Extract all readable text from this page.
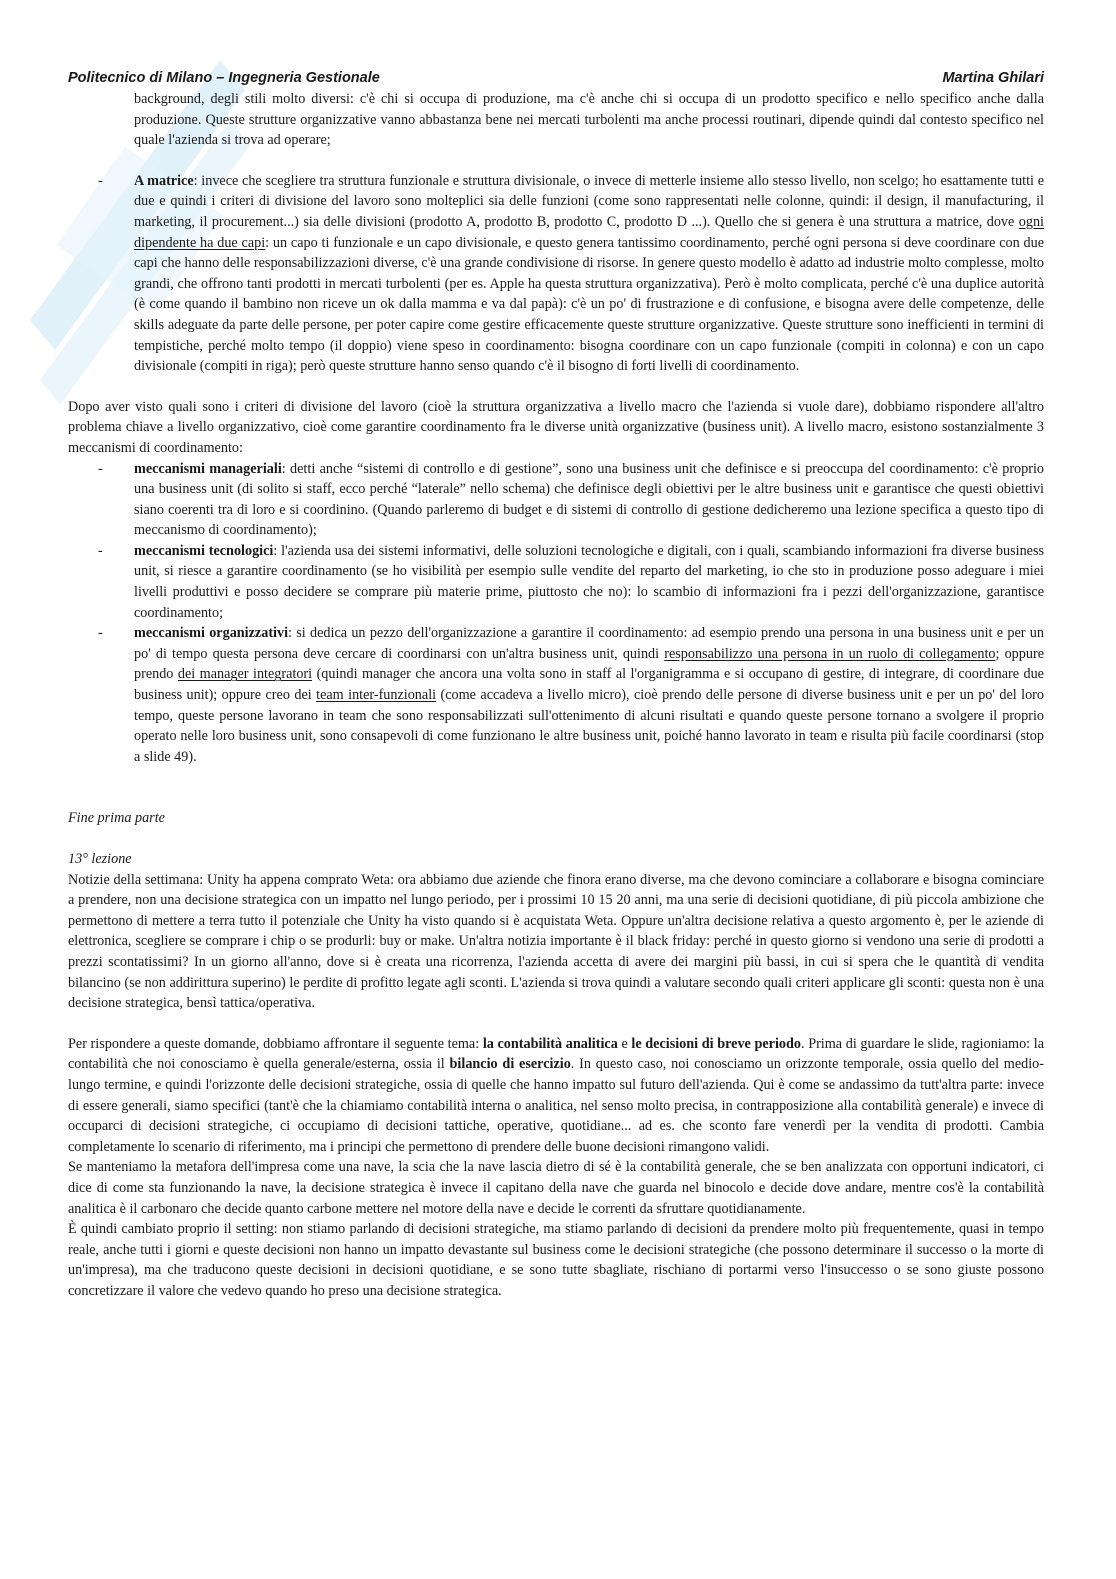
Politecnico di Milano – Ingegneria Gestionale	Martina Ghilari

background, degli stili molto diversi: c'è chi si occupa di produzione, ma c'è anche chi si occupa di un prodotto specifico e nello specifico anche dalla produzione. Queste strutture organizzative vanno abbastanza bene nei mercati turbolenti ma anche processi routinari, dipende quindi dal contesto specifico nel quale l'azienda si trova ad operare;

- A matrice: invece che scegliere tra struttura funzionale e struttura divisionale, o invece di metterle insieme allo stesso livello, non scelgo; ho esattamente tutti e due e quindi i criteri di divisione del lavoro sono molteplici sia delle funzioni (come sono rappresentati nelle colonne, quindi: il design, il manufacturing, il marketing, il procurement...) sia delle divisioni (prodotto A, prodotto B, prodotto C, prodotto D ...). Quello che si genera è una struttura a matrice, dove ogni dipendente ha due capi: un capo ti funzionale e un capo divisionale, e questo genera tantissimo coordinamento, perché ogni persona si deve coordinare con due capi che hanno delle responsabilizzazioni diverse, c'è una grande condivisione di risorse. In genere questo modello è adatto ad industrie molto complesse, molto grandi, che offrono tanti prodotti in mercati turbolenti (per es. Apple ha questa struttura organizzativa). Però è molto complicata, perché c'è una duplice autorità (è come quando il bambino non riceve un ok dalla mamma e va dal papà): c'è un po' di frustrazione e di confusione, e bisogna avere delle competenze, delle skills adeguate da parte delle persone, per poter capire come gestire efficacemente queste strutture organizzative. Queste strutture sono inefficienti in termini di tempistiche, perché molto tempo (il doppio) viene speso in coordinamento: bisogna coordinare con un capo funzionale (compiti in colonna) e con un capo divisionale (compiti in riga); però queste strutture hanno senso quando c'è il bisogno di forti livelli di coordinamento.

Dopo aver visto quali sono i criteri di divisione del lavoro (cioè la struttura organizzativa a livello macro che l'azienda si vuole dare), dobbiamo rispondere all'altro problema chiave a livello organizzativo, cioè come garantire coordinamento fra le diverse unità organizzative (business unit). A livello macro, esistono sostanzialmente 3 meccanismi di coordinamento:

- meccanismi manageriali: detti anche “sistemi di controllo e di gestione”, sono una business unit che definisce e si preoccupa del coordinamento: c'è proprio una business unit (di solito si staff, ecco perché “laterale” nello schema) che definisce degli obiettivi per le altre business unit e garantisce che questi obiettivi siano coerenti tra di loro e si coordinino. (Quando parleremo di budget e di sistemi di controllo di gestione dedicheremo una lezione specifica a questo tipo di meccanismo di coordinamento);

- meccanismi tecnologici: l'azienda usa dei sistemi informativi, delle soluzioni tecnologiche e digitali, con i quali, scambiando informazioni fra diverse business unit, si riesce a garantire coordinamento (se ho visibilità per esempio sulle vendite del reparto del marketing, io che sto in produzione posso adeguare i miei livelli produttivi e posso decidere se comprare più materie prime, piuttosto che no): lo scambio di informazioni fra i pezzi dell'organizzazione, garantisce coordinamento;

- meccanismi organizzativi: si dedica un pezzo dell'organizzazione a garantire il coordinamento: ad esempio prendo una persona in una business unit e per un po' di tempo questa persona deve cercare di coordinarsi con un'altra business unit, quindi responsabilizzo una persona in un ruolo di collegamento; oppure prendo dei manager integratori (quindi manager che ancora una volta sono in staff al l'organigramma e si occupano di gestire, di integrare, di coordinare due business unit); oppure creo dei team inter-funzionali (come accadeva a livello micro), cioè prendo delle persone di diverse business unit e per un po' del loro tempo, queste persone lavorano in team che sono responsabilizzati sull'ottenimento di alcuni risultati e quando queste persone tornano a svolgere il proprio operato nelle loro business unit, sono consapevoli di come funzionano le altre business unit, poiché hanno lavorato in team e risulta più facile coordinarsi (stop a slide 49).

Fine prima parte

13° lezione

Notizie della settimana: Unity ha appena comprato Weta: ora abbiamo due aziende che finora erano diverse, ma che devono cominciare a collaborare e bisogna cominciare a prendere, non una decisione strategica con un impatto nel lungo periodo, per i prossimi 10 15 20 anni, ma una serie di decisioni quotidiane, di più piccola ambizione che permettono di mettere a terra tutto il potenziale che Unity ha visto quando si è acquistata Weta. Oppure un'altra decisione relativa a questo argomento è, per le aziende di elettronica, scegliere se comprare i chip o se produrli: buy or make. Un'altra notizia importante è il black friday: perché in questo giorno si vendono una serie di prodotti a prezzi scontatissimi? In un giorno all'anno, dove si è creata una ricorrenza, l'azienda accetta di avere dei margini più bassi, in cui si spera che le quantità di vendita bilancino (se non addirittura superino) le perdite di profitto legate agli sconti. L'azienda si trova quindi a valutare secondo quali criteri applicare gli sconti: questa non è una decisione strategica, bensì tattica/operativa.

Per rispondere a queste domande, dobbiamo affrontare il seguente tema: la contabilità analitica e le decisioni di breve periodo. Prima di guardare le slide, ragioniamo: la contabilità che noi conosciamo è quella generale/esterna, ossia il bilancio di esercizio. In questo caso, noi conosciamo un orizzonte temporale, ossia quello del medio-lungo termine, e quindi l'orizzonte delle decisioni strategiche, ossia di quelle che hanno impatto sul futuro dell'azienda. Qui è come se andassimo da tutt'altra parte: invece di essere generali, siamo specifici (tant'è che la chiamiamo contabilità interna o analitica, nel senso molto precisa, in contrapposizione alla contabilità generale) e invece di occuparci di decisioni strategiche, ci occupiamo di decisioni tattiche, operative, quotidiane... ad es. che sconto fare venerdì per la vendita di prodotti. Cambia completamente lo scenario di riferimento, ma i principi che permettono di prendere delle buone decisioni rimangono validi.

Se manteniamo la metafora dell'impresa come una nave, la scia che la nave lascia dietro di sé è la contabilità generale, che se ben analizzata con opportuni indicatori, ci dice di come sta funzionando la nave, la decisione strategica è invece il capitano della nave che guarda nel binocolo e decide dove andare, mentre cos'è la contabilità analitica è il carbonaro che decide quanto carbone mettere nel motore della nave e decide le correnti da sfruttare quotidianamente.

È quindi cambiato proprio il setting: non stiamo parlando di decisioni strategiche, ma stiamo parlando di decisioni da prendere molto più frequentemente, quasi in tempo reale, anche tutti i giorni e queste decisioni non hanno un impatto devastante sul business come le decisioni strategiche (che possono determinare il successo o la morte di un'impresa), ma che traducono queste decisioni in decisioni quotidiane, e se sono tutte sbagliate, rischiano di portarmi verso l'insuccesso o se sono giuste possono concretizzare il valore che vedevo quando ho preso una decisione strategica.
